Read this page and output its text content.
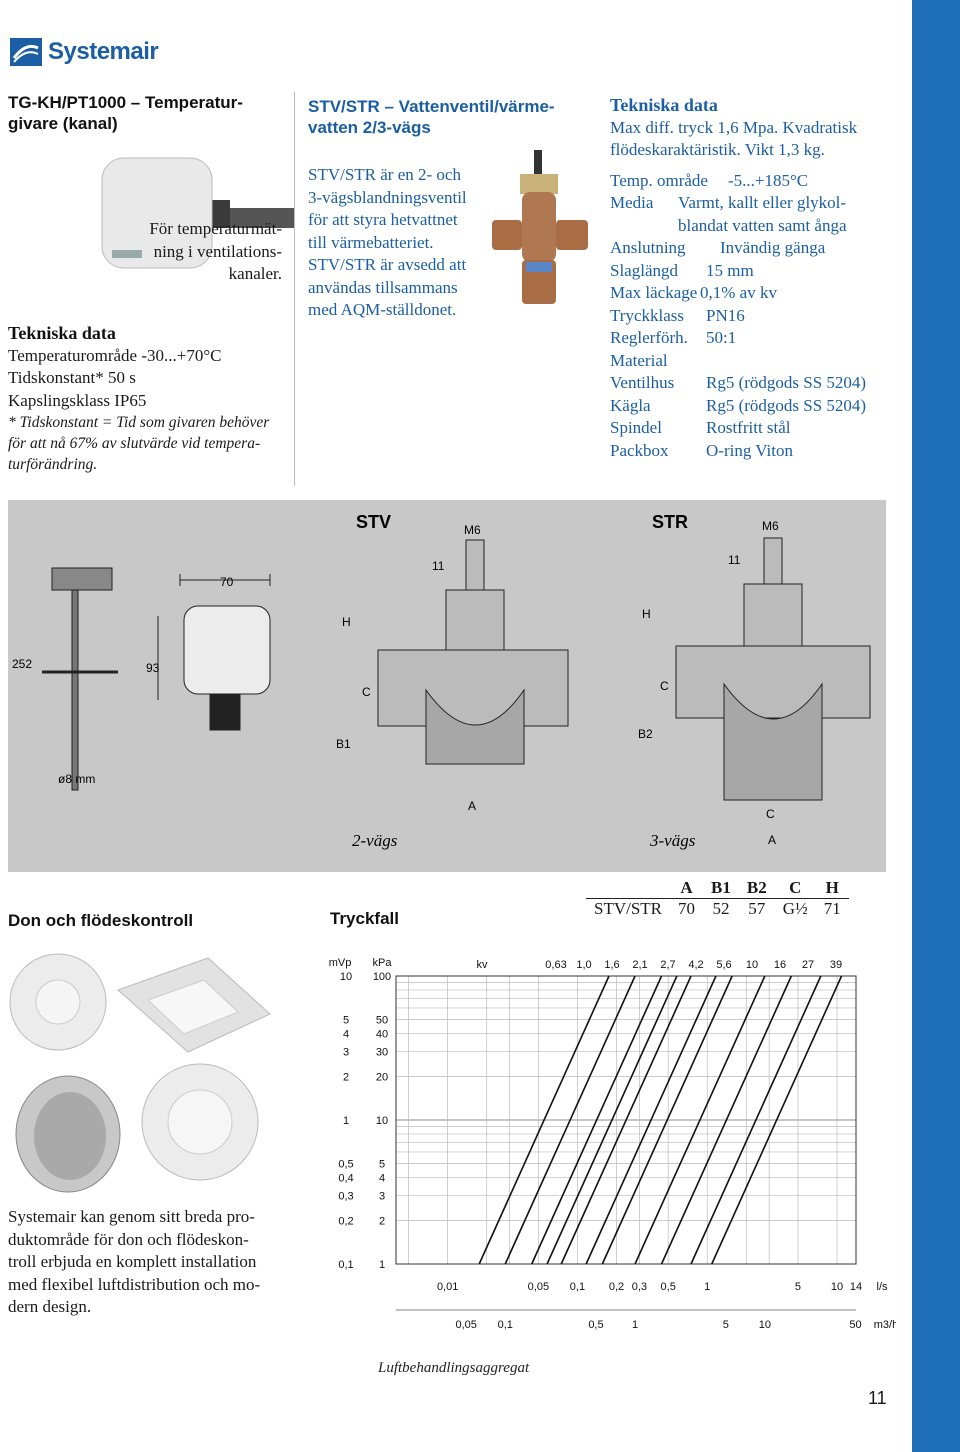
Systemair
TG-KH/PT1000 – Temperatur-
givare (kanal)
För temperaturmät-
ning i ventilations-
kanaler.
Tekniska data
Temperaturområde -30...+70°C
Tidskonstant* 50 s
Kapslingsklass IP65
* Tidskonstant = Tid som givaren behöver
för att nå 67% av slutvärde vid tempera-
turförändring.
STV/STR – Vattenventil/värme-
vatten 2/3-vägs
STV/STR är en 2- och
3-vägsblandningsventil
för att styra hetvattnet
till värmebatteriet.
STV/STR är avsedd att
användas tillsammans
med AQM-ställdonet.
Tekniska data
Max diff. tryck 1,6 Mpa. Kvadratisk
flödeskaraktäristik. Vikt 1,3 kg.
Temp. område	-5...+185°C
Media	Varmt, kallt eller glykol-
blandat vatten samt ånga
Anslutning	Invändig gänga
Slaglängd	15 mm
Max läckage 0,1% av kv
Tryckklass	PN16
Reglerförh.	50:1
Material
Ventilhus	Rg5 (rödgods SS 5204)
Kägla	Rg5 (rödgods SS 5204)
Spindel	Rostfritt stål
Packbox	O-ring Viton
70
252	93
ø8 mm
STV	M6
11
H
C
B1
A
2-vägs
STR	M6
11
H
C
B2
C
A
3-vägs
Don och flödeskontroll
Systemair kan genom sitt breda pro-
duktområde för don och flödeskon-
troll erbjuda en komplett installation
med flexibel luftdistribution och mo-
dern design.
Tryckfall
	A	B1	B2	C	H
STV/STR	70	52	57	G½	71
mVp kPa
100
10
50
5
40
4
30
3
20
2
10
1
5
0,5
4
0,4
3
0,3
2
0,2
1
0,1
kv	0,63 1,0 1,6 2,1 2,7 4,2 5,6 10 16 27 39
0,01	0,05 0,1 0,2 0,3 0,5	1	5	10 14 l/s
0,05 0,1	0,5	1	5	10	50 m3/h
Luftbehandlingsaggregat
11
